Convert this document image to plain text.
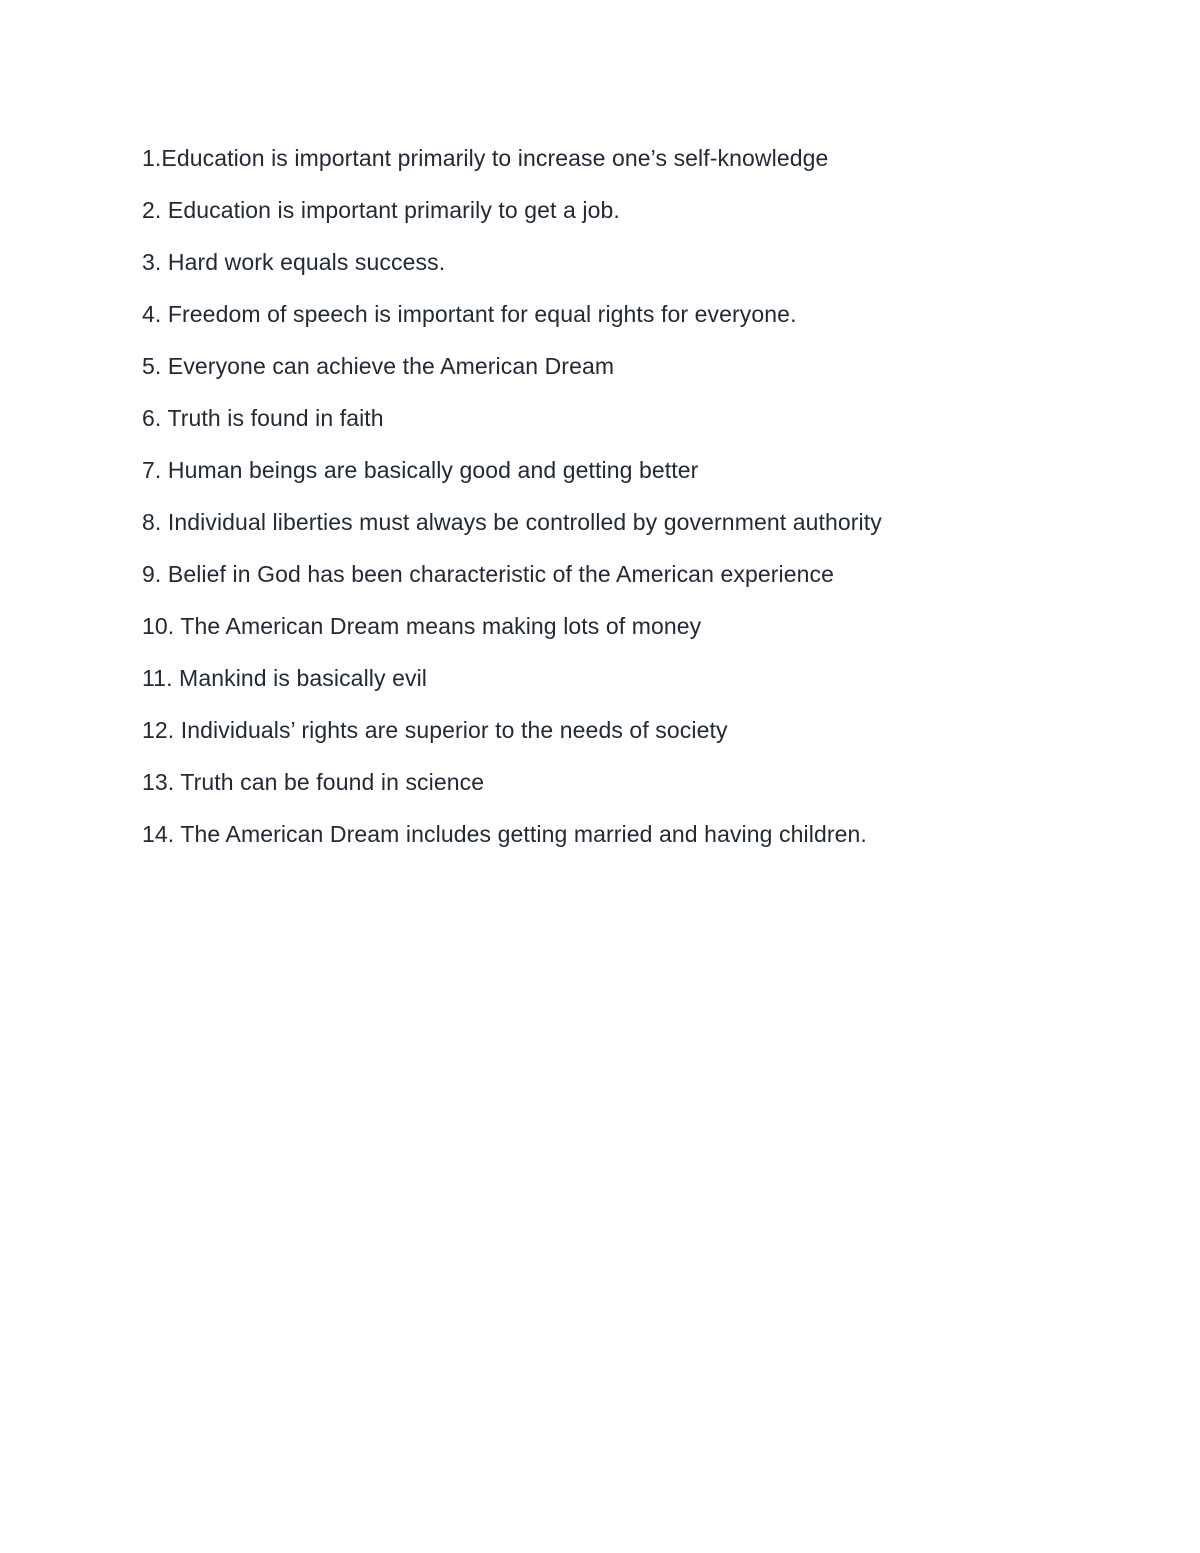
1.Education is important primarily to increase one’s self-knowledge
2. Education is important primarily to get a job.
3. Hard work equals success.
4. Freedom of speech is important for equal rights for everyone.
5. Everyone can achieve the American Dream
6. Truth is found in faith
7. Human beings are basically good and getting better
8. Individual liberties must always be controlled by government authority
9. Belief in God has been characteristic of the American experience
10. The American Dream means making lots of money
11. Mankind is basically evil
12. Individuals’ rights are superior to the needs of society
13. Truth can be found in science
14. The American Dream includes getting married and having children.
